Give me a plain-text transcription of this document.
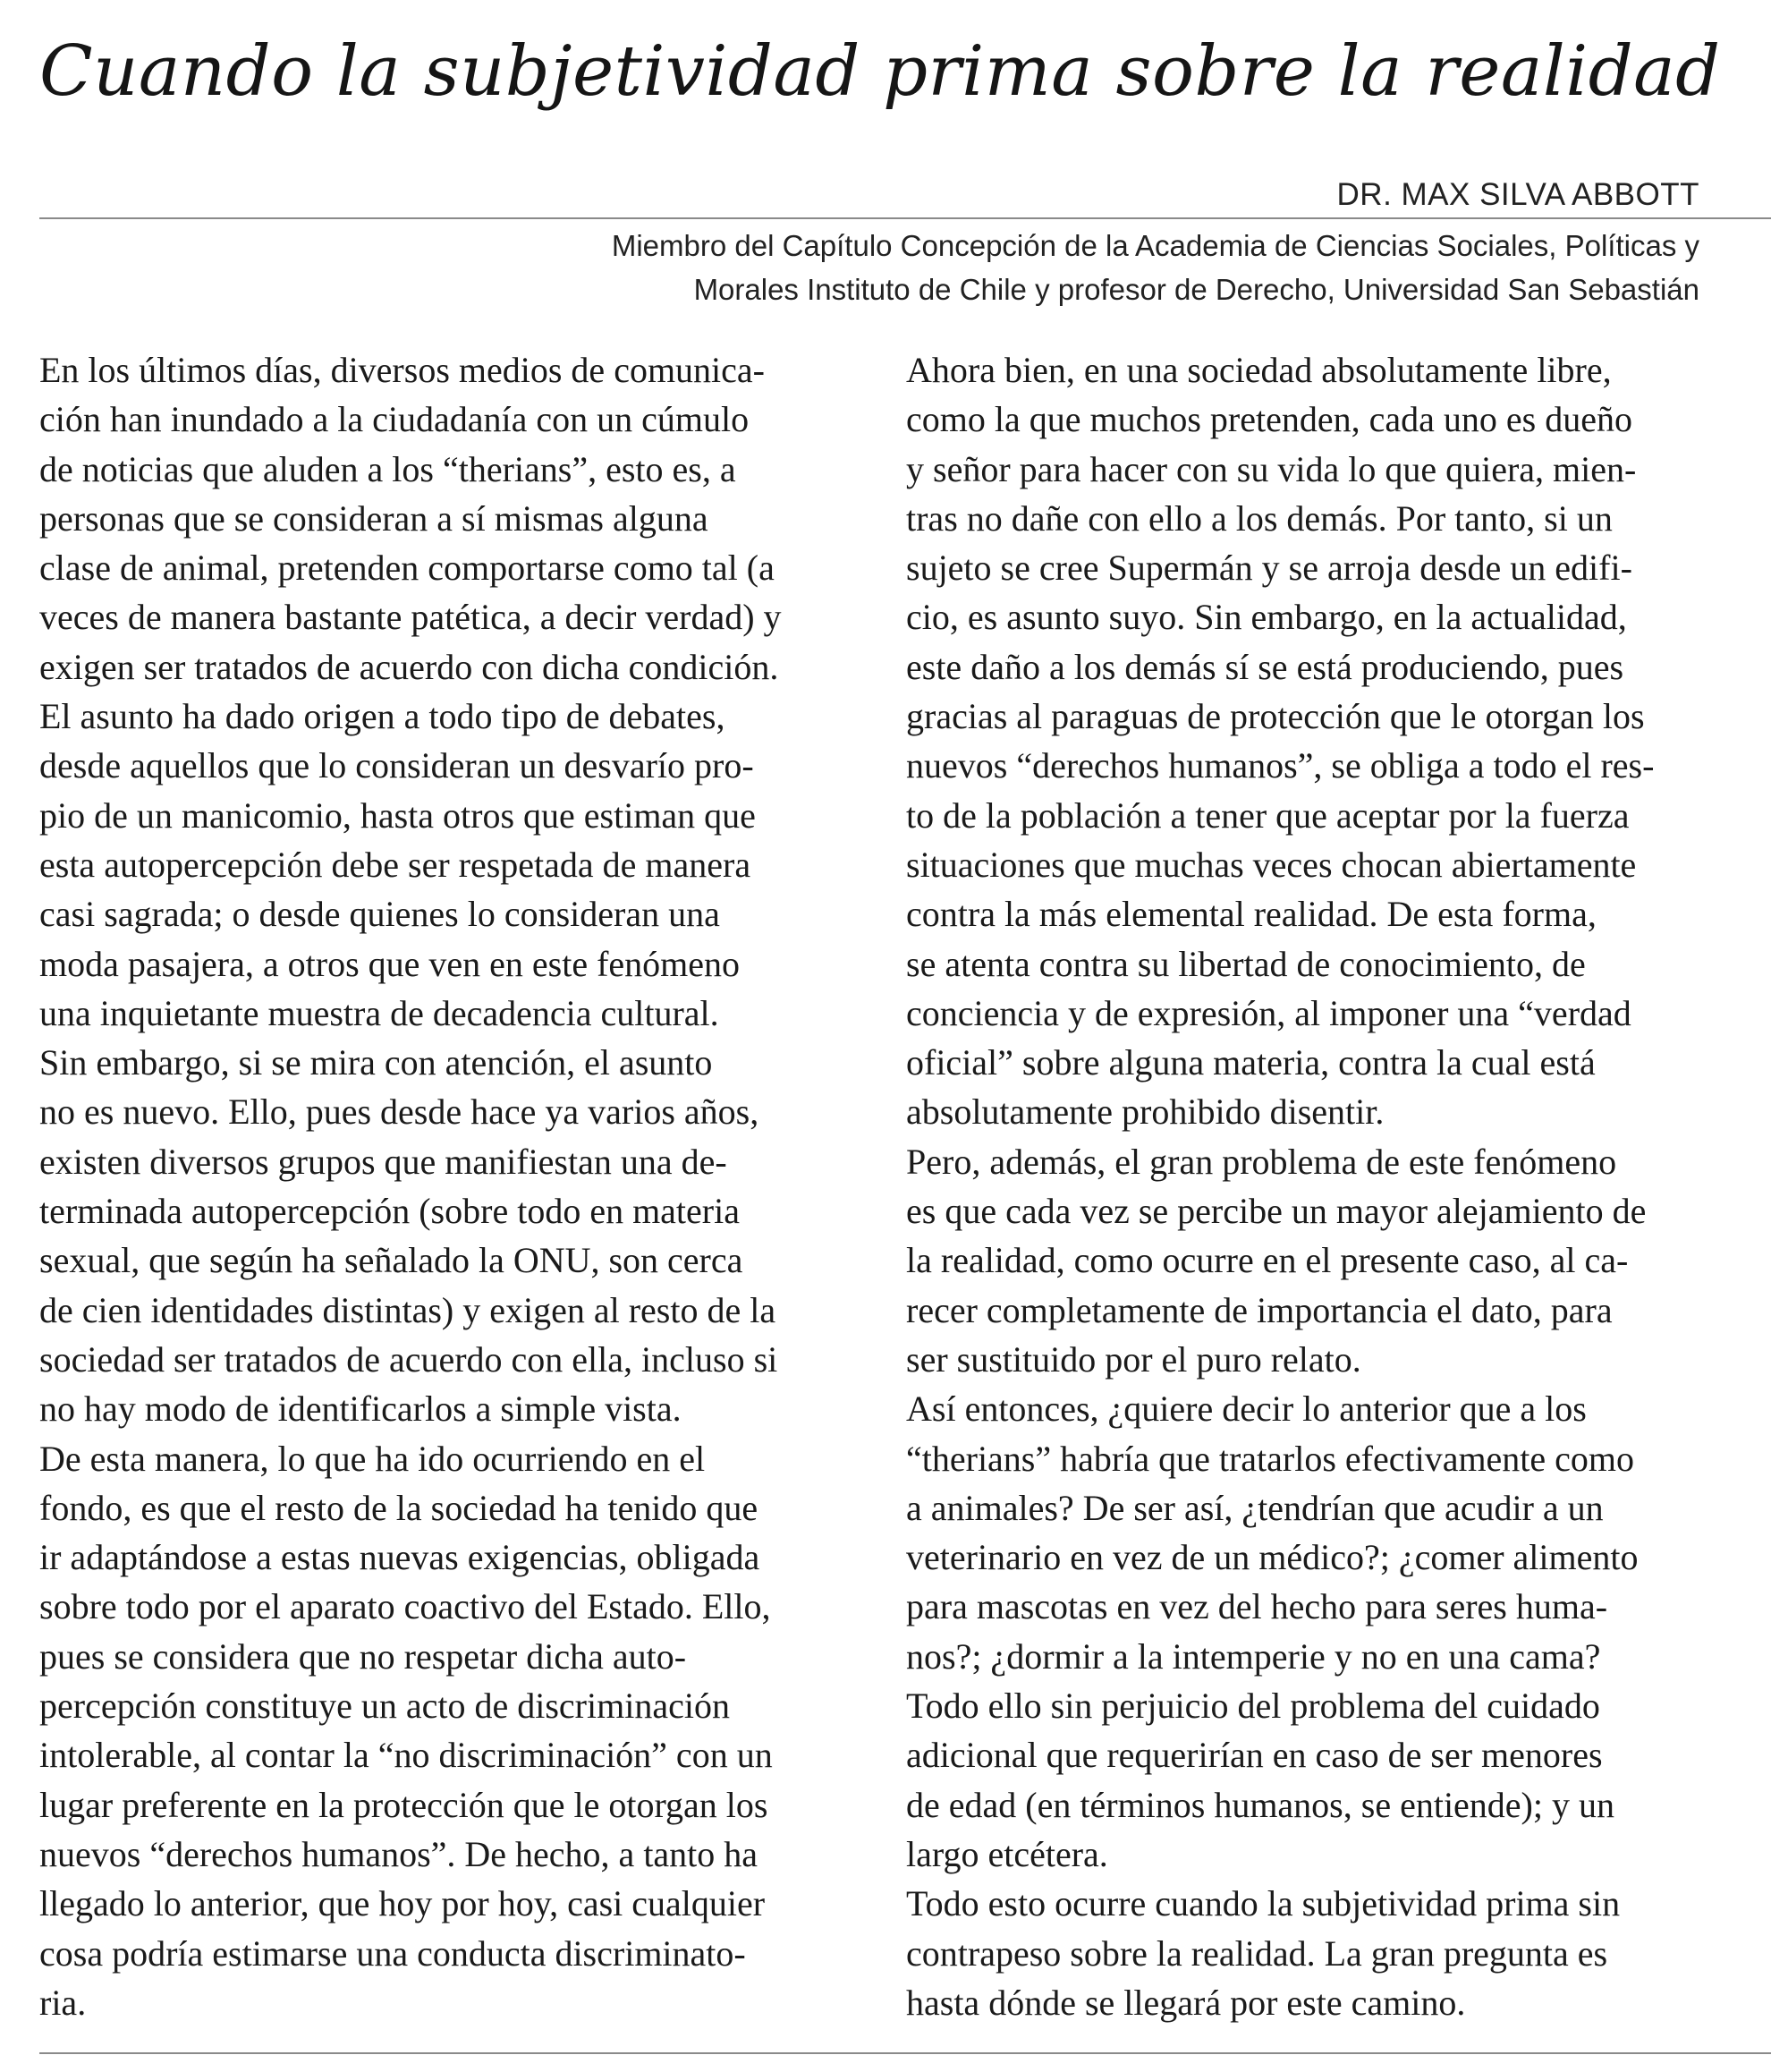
Cuando la subjetividad prima sobre la realidad
DR. MAX SILVA ABBOTT
Miembro del Capítulo Concepción de la Academia de Ciencias Sociales, Políticas y
Morales Instituto de Chile y profesor de Derecho, Universidad San Sebastián
En los últimos días, diversos medios de comunica-
ción han inundado a la ciudadanía con un cúmulo
de noticias que aluden a los “therians”, esto es, a
personas que se consideran a sí mismas alguna
clase de animal, pretenden comportarse como tal (a
veces de manera bastante patética, a decir verdad) y
exigen ser tratados de acuerdo con dicha condición.
El asunto ha dado origen a todo tipo de debates,
desde aquellos que lo consideran un desvarío pro-
pio de un manicomio, hasta otros que estiman que
esta autopercepción debe ser respetada de manera
casi sagrada; o desde quienes lo consideran una
moda pasajera, a otros que ven en este fenómeno
una inquietante muestra de decadencia cultural.
Sin embargo, si se mira con atención, el asunto
no es nuevo. Ello, pues desde hace ya varios años,
existen diversos grupos que manifiestan una de-
terminada autopercepción (sobre todo en materia
sexual, que según ha señalado la ONU, son cerca
de cien identidades distintas) y exigen al resto de la
sociedad ser tratados de acuerdo con ella, incluso si
no hay modo de identificarlos a simple vista.
De esta manera, lo que ha ido ocurriendo en el
fondo, es que el resto de la sociedad ha tenido que
ir adaptándose a estas nuevas exigencias, obligada
sobre todo por el aparato coactivo del Estado. Ello,
pues se considera que no respetar dicha auto-
percepción constituye un acto de discriminación
intolerable, al contar la “no discriminación” con un
lugar preferente en la protección que le otorgan los
nuevos “derechos humanos”. De hecho, a tanto ha
llegado lo anterior, que hoy por hoy, casi cualquier
cosa podría estimarse una conducta discriminato-
ria.
Ahora bien, en una sociedad absolutamente libre,
como la que muchos pretenden, cada uno es dueño
y señor para hacer con su vida lo que quiera, mien-
tras no dañe con ello a los demás. Por tanto, si un
sujeto se cree Supermán y se arroja desde un edifi-
cio, es asunto suyo. Sin embargo, en la actualidad,
este daño a los demás sí se está produciendo, pues
gracias al paraguas de protección que le otorgan los
nuevos “derechos humanos”, se obliga a todo el res-
to de la población a tener que aceptar por la fuerza
situaciones que muchas veces chocan abiertamente
contra la más elemental realidad. De esta forma,
se atenta contra su libertad de conocimiento, de
conciencia y de expresión, al imponer una “verdad
oficial” sobre alguna materia, contra la cual está
absolutamente prohibido disentir.
Pero, además, el gran problema de este fenómeno
es que cada vez se percibe un mayor alejamiento de
la realidad, como ocurre en el presente caso, al ca-
recer completamente de importancia el dato, para
ser sustituido por el puro relato.
Así entonces, ¿quiere decir lo anterior que a los
“therians” habría que tratarlos efectivamente como
a animales? De ser así, ¿tendrían que acudir a un
veterinario en vez de un médico?; ¿comer alimento
para mascotas en vez del hecho para seres huma-
nos?; ¿dormir a la intemperie y no en una cama?
Todo ello sin perjuicio del problema del cuidado
adicional que requerirían en caso de ser menores
de edad (en términos humanos, se entiende); y un
largo etcétera.
Todo esto ocurre cuando la subjetividad prima sin
contrapeso sobre la realidad. La gran pregunta es
hasta dónde se llegará por este camino.
